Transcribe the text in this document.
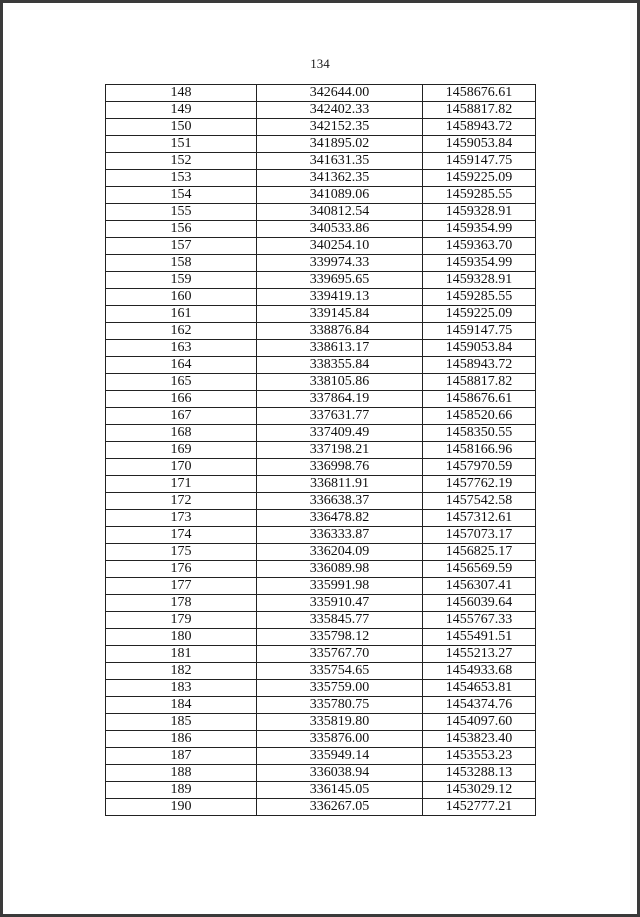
134
148	342644.00	1458676.61
149	342402.33	1458817.82
150	342152.35	1458943.72
151	341895.02	1459053.84
152	341631.35	1459147.75
153	341362.35	1459225.09
154	341089.06	1459285.55
155	340812.54	1459328.91
156	340533.86	1459354.99
157	340254.10	1459363.70
158	339974.33	1459354.99
159	339695.65	1459328.91
160	339419.13	1459285.55
161	339145.84	1459225.09
162	338876.84	1459147.75
163	338613.17	1459053.84
164	338355.84	1458943.72
165	338105.86	1458817.82
166	337864.19	1458676.61
167	337631.77	1458520.66
168	337409.49	1458350.55
169	337198.21	1458166.96
170	336998.76	1457970.59
171	336811.91	1457762.19
172	336638.37	1457542.58
173	336478.82	1457312.61
174	336333.87	1457073.17
175	336204.09	1456825.17
176	336089.98	1456569.59
177	335991.98	1456307.41
178	335910.47	1456039.64
179	335845.77	1455767.33
180	335798.12	1455491.51
181	335767.70	1455213.27
182	335754.65	1454933.68
183	335759.00	1454653.81
184	335780.75	1454374.76
185	335819.80	1454097.60
186	335876.00	1453823.40
187	335949.14	1453553.23
188	336038.94	1453288.13
189	336145.05	1453029.12
190	336267.05	1452777.21
